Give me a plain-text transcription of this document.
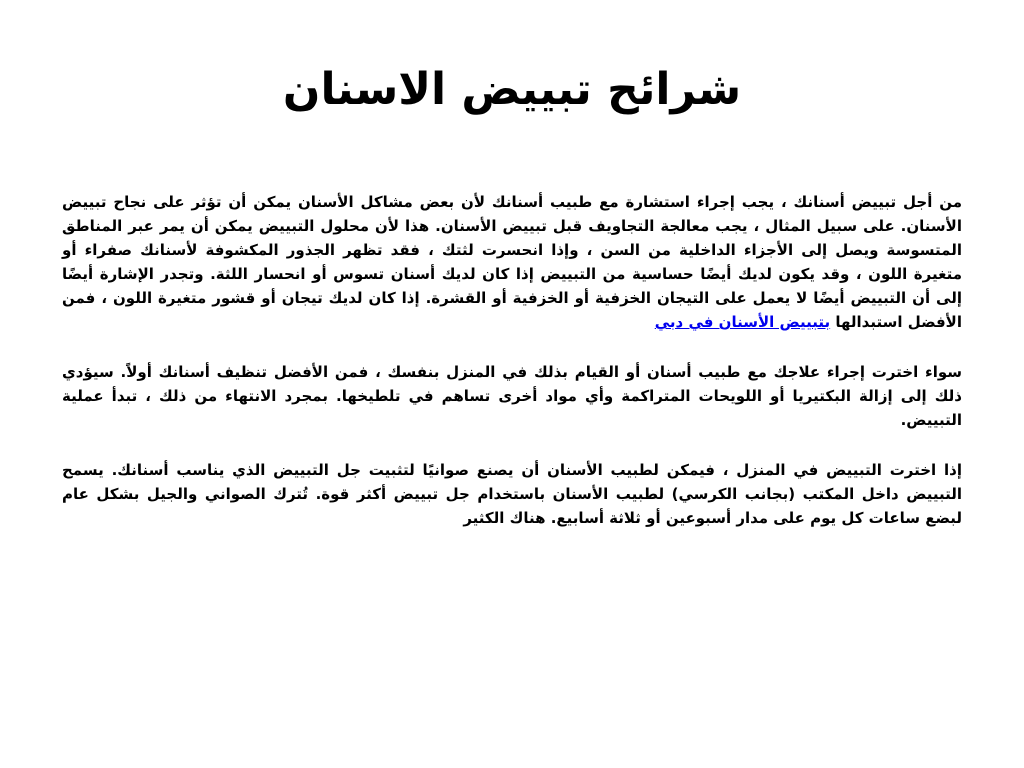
شرائح تبييض الاسنان

من أجل تبييض أسنانك ، يجب إجراء استشارة مع طبيب أسنانك لأن بعض مشاكل الأسنان يمكن أن تؤثر على نجاح تبييض الأسنان. على سبيل المثال ، يجب معالجة التجاويف قبل تبييض الأسنان. هذا لأن محلول التبييض يمكن أن يمر عبر المناطق المتسوسة ويصل إلى الأجزاء الداخلية من السن ، وإذا انحسرت لثتك ، فقد تظهر الجذور المكشوفة لأسنانك صفراء أو متغيرة اللون ، وقد يكون لديك أيضًا حساسية من التبييض إذا كان لديك أسنان تسوس أو انحسار اللثة. وتجدر الإشارة أيضًا إلى أن التبييض أيضًا لا يعمل على التيجان الخزفية أو الخزفية أو القشرة. إذا كان لديك تيجان أو قشور متغيرة اللون ، فمن الأفضل استبدالها بتبييض الأسنان في دبي

سواء اخترت إجراء علاجك مع طبيب أسنان أو القيام بذلك في المنزل بنفسك ، فمن الأفضل تنظيف أسنانك أولاً. سيؤدي ذلك إلى إزالة البكتيريا أو اللويحات المتراكمة وأي مواد أخرى تساهم في تلطيخها. بمجرد الانتهاء من ذلك ، تبدأ عملية التبييض.

إذا اخترت التبييض في المنزل ، فيمكن لطبيب الأسنان أن يصنع صوانيًا لتثبيت جل التبييض الذي يناسب أسنانك. يسمح التبييض داخل المكتب (بجانب الكرسي) لطبيب الأسنان باستخدام جل تبييض أكثر قوة. تُترك الصواني والجيل بشكل عام لبضع ساعات كل يوم على مدار أسبوعين أو ثلاثة أسابيع. هناك الكثير
